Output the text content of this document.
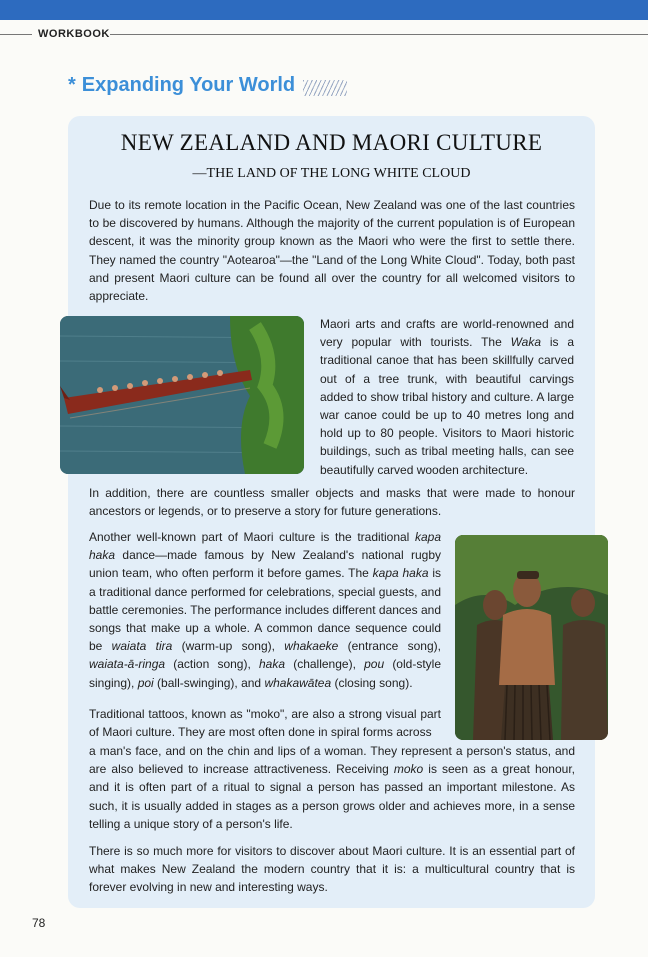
WORKBOOK
* Expanding Your World
NEW ZEALAND AND MAORI CULTURE
—THE LAND OF THE LONG WHITE CLOUD

Due to its remote location in the Pacific Ocean, New Zealand was one of the last countries to be discovered by humans. Although the majority of the current population is of European descent, it was the minority group known as the Maori who were the first to settle there. They named the country "Aotearoa"—the "Land of the Long White Cloud". Today, both past and present Maori culture can be found all over the country for all welcomed visitors to appreciate.

Maori arts and crafts are world-renowned and very popular with tourists. The Waka is a traditional canoe that has been skillfully carved out of a tree trunk, with beautiful carvings added to show tribal history and culture. A large war canoe could be up to 40 metres long and hold up to 80 people. Visitors to Maori historic buildings, such as tribal meeting halls, can see beautifully carved wooden architecture.

In addition, there are countless smaller objects and masks that were made to honour ancestors or legends, or to preserve a story for future generations.

Another well-known part of Maori culture is the traditional kapa haka dance—made famous by New Zealand's national rugby union team, who often perform it before games. The kapa haka is a traditional dance performed for celebrations, special guests, and battle ceremonies. The performance includes different dances and songs that make up a whole. A common dance sequence could be waiata tira (warm-up song), whakaeke (entrance song), waiata-ā-ringa (action song), haka (challenge), pou (old-style singing), poi (ball-swinging), and whakawātea (closing song).

Traditional tattoos, known as "moko", are also a strong visual part of Maori culture. They are most often done in spiral forms across

a man's face, and on the chin and lips of a woman. They represent a person's status, and are also believed to increase attractiveness. Receiving moko is seen as a great honour, and it is often part of a ritual to signal a person has passed an important milestone. As such, it is usually added in stages as a person grows older and achieves more, in a sense telling a unique story of a person's life.

There is so much more for visitors to discover about Maori culture. It is an essential part of what makes New Zealand the modern country that it is: a multicultural country that is forever evolving in new and interesting ways.

78
